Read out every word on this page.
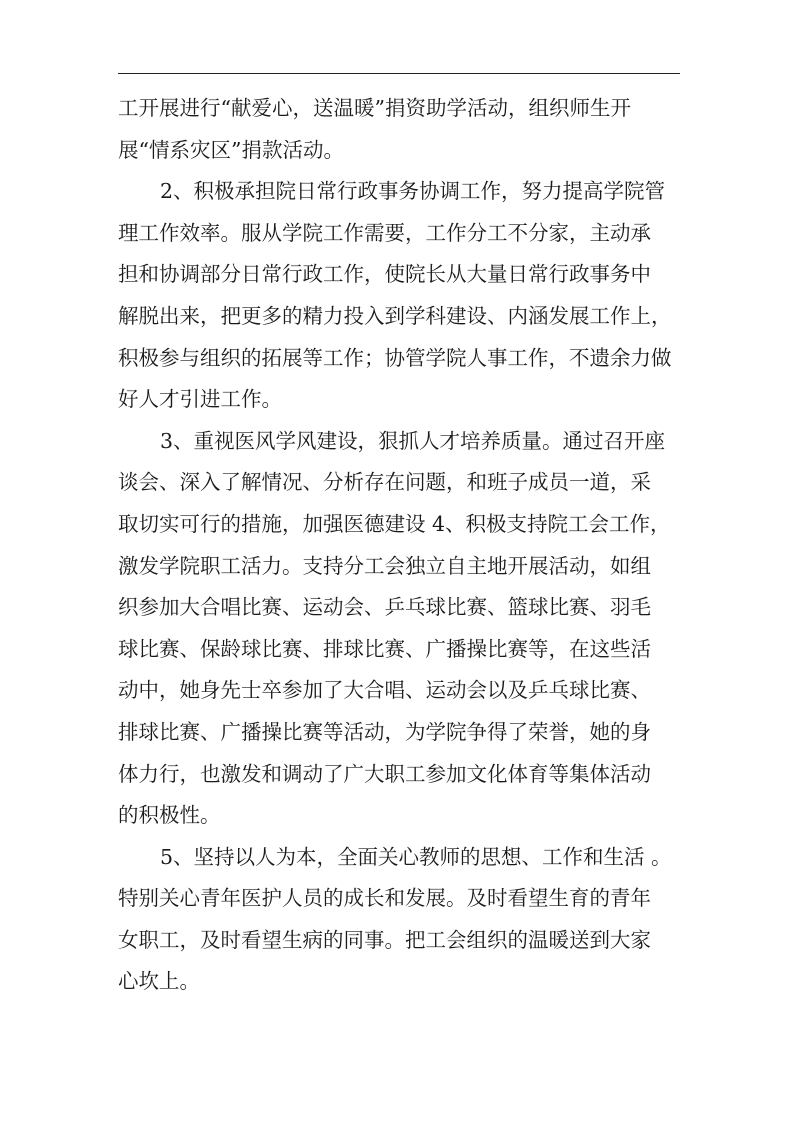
工开展进行“献爱心，送温暖”捐资助学活动，组织师生开
展“情系灾区”捐款活动。
2、积极承担院日常行政事务协调工作，努力提高学院管
理工作效率。服从学院工作需要，工作分工不分家，主动承
担和协调部分日常行政工作，使院长从大量日常行政事务中
解脱出来，把更多的精力投入到学科建设、内涵发展工作上，
积极参与组织的拓展等工作；协管学院人事工作，不遗余力做
好人才引进工作。
3、重视医风学风建设，狠抓人才培养质量。通过召开座
谈会、深入了解情况、分析存在问题，和班子成员一道，采
取切实可行的措施，加强医德建设 4、积极支持院工会工作，
激发学院职工活力。支持分工会独立自主地开展活动，如组
织参加大合唱比赛、运动会、乒乓球比赛、篮球比赛、羽毛
球比赛、保龄球比赛、排球比赛、广播操比赛等，在这些活
动中，她身先士卒参加了大合唱、运动会以及乒乓球比赛、
排球比赛、广播操比赛等活动，为学院争得了荣誉，她的身
体力行，也激发和调动了广大职工参加文化体育等集体活动
的积极性。
5、坚持以人为本，全面关心教师的思想、工作和生活 。
特别关心青年医护人员的成长和发展。及时看望生育的青年
女职工，及时看望生病的同事。把工会组织的温暖送到大家
心坎上。
